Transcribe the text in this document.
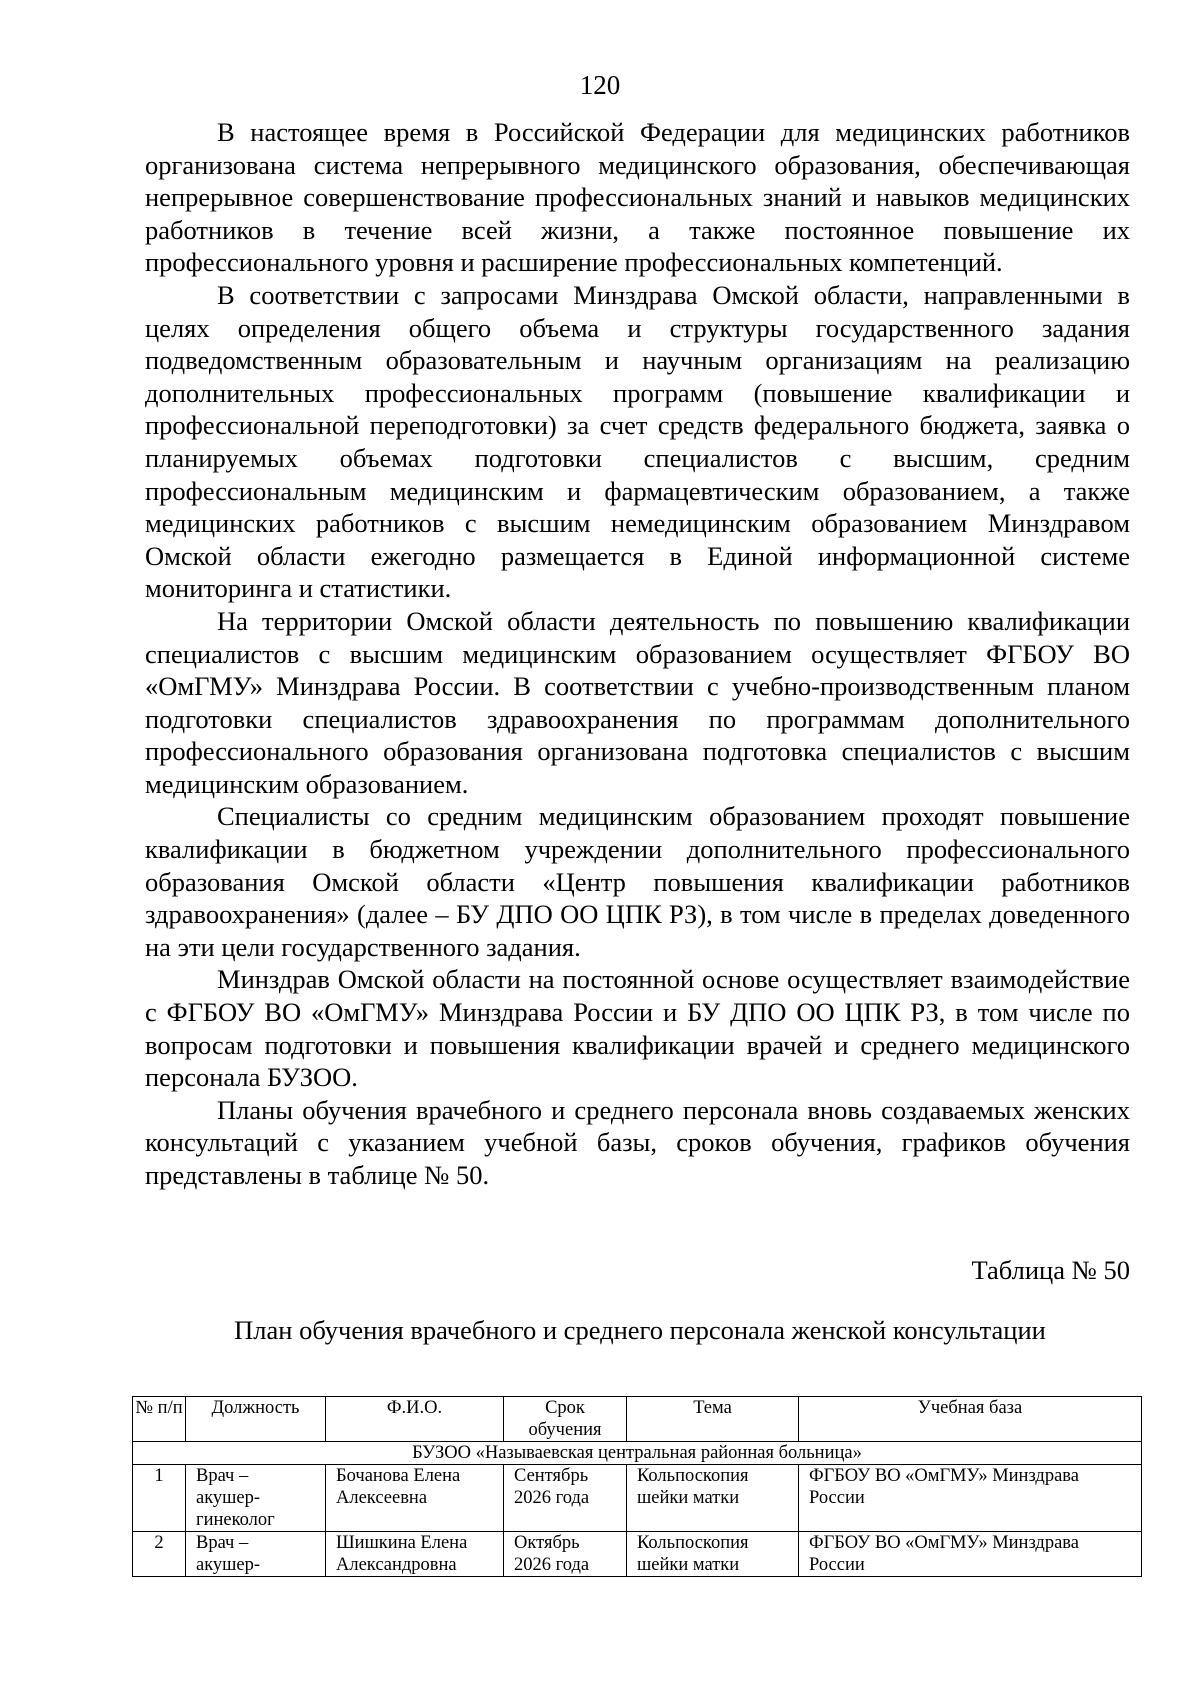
120

В настоящее время в Российской Федерации для медицинских работников организована система непрерывного медицинского образования, обеспечивающая непрерывное совершенствование профессиональных знаний и навыков медицинских работников в течение всей жизни, а также постоянное повышение их профессионального уровня и расширение профессиональных компетенций.

В соответствии с запросами Минздрава Омской области, направленными в целях определения общего объема и структуры государственного задания подведомственным образовательным и научным организациям на реализацию дополнительных профессиональных программ (повышение квалификации и профессиональной переподготовки) за счет средств федерального бюджета, заявка о планируемых объемах подготовки специалистов с высшим, средним профессиональным медицинским и фармацевтическим образованием, а также медицинских работников с высшим немедицинским образованием Минздравом Омской области ежегодно размещается в Единой информационной системе мониторинга и статистики.

На территории Омской области деятельность по повышению квалификации специалистов с высшим медицинским образованием осуществляет ФГБОУ ВО «ОмГМУ» Минздрава России. В соответствии с учебно-производственным планом подготовки специалистов здравоохранения по программам дополнительного профессионального образования организована подготовка специалистов с высшим медицинским образованием.

Специалисты со средним медицинским образованием проходят повышение квалификации в бюджетном учреждении дополнительного профессионального образования Омской области «Центр повышения квалификации работников здравоохранения» (далее – БУ ДПО ОО ЦПК РЗ), в том числе в пределах доведенного на эти цели государственного задания.

Минздрав Омской области на постоянной основе осуществляет взаимодействие с ФГБОУ ВО «ОмГМУ» Минздрава России и БУ ДПО ОО ЦПК РЗ, в том числе по вопросам подготовки и повышения квалификации врачей и среднего медицинского персонала БУЗОО.

Планы обучения врачебного и среднего персонала вновь создаваемых женских консультаций с указанием учебной базы, сроков обучения, графиков обучения представлены в таблице № 50.

Таблица № 50
План обучения врачебного и среднего персонала женской консультации
№ п/п	Должность	Ф.И.О.	Срок обучения	Тема	Учебная база
БУЗОО «Называевская центральная районная больница»					
1	Врач – акушер-гинеколог	Бочанова Елена Алексеевна	Сентябрь 2026 года	Кольпоскопия шейки матки	ФГБОУ ВО «ОмГМУ» Минздрава России
2	Врач – акушер-	Шишкина Елена Александровна	Октябрь 2026 года	Кольпоскопия шейки матки	ФГБОУ ВО «ОмГМУ» Минздрава России
